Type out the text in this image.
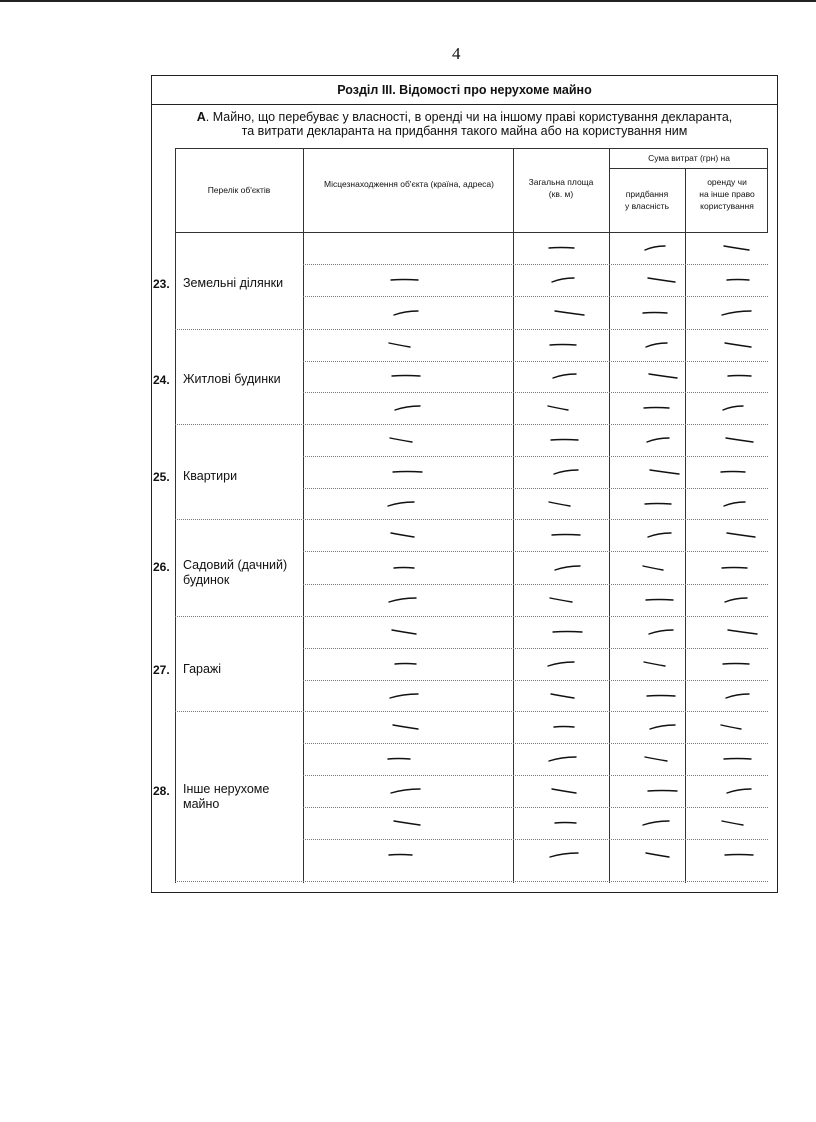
4
Розділ ІІІ. Відомості про нерухоме майно
А. Майно, що перебуває у власності, в оренді чи на іншому праві користування декларанта,
та витрати декларанта на придбання такого майна або на користування ним
Перелік об'єктів
Місцезнаходження об'єкта (країна, адреса)	Загальна площа
(кв. м)
Сума витрат (грн) на
придбання
у власність
оренду чи
на інше право
користування
23. Земельні ділянки
24. Житлові будинки
25. Квартири
26. Садовий (дачний)
будинок
27. Гаражі
28. Інше нерухоме
майно
